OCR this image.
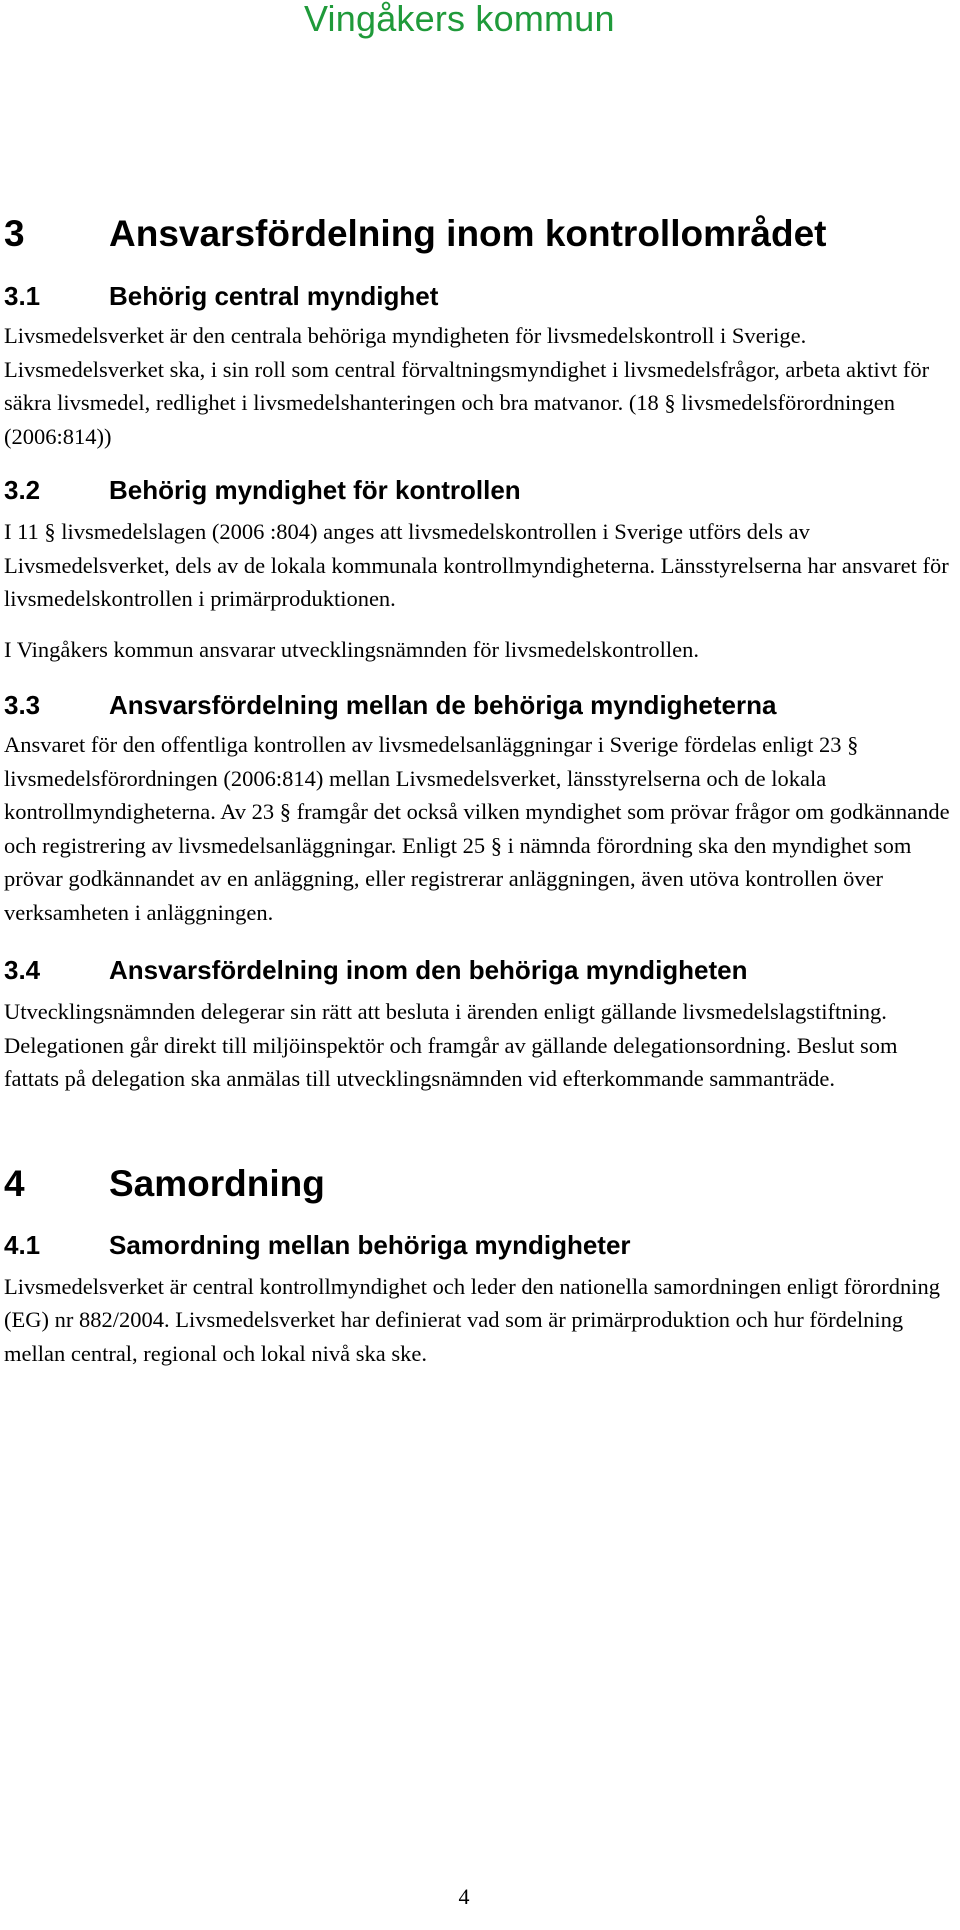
Vingåkers kommun
3	Ansvarsfördelning inom kontrollområdet
3.1	Behörig central myndighet

Livsmedelsverket är den centrala behöriga myndigheten för livsmedelskontroll i Sverige. Livsmedelsverket ska, i sin roll som central förvaltningsmyndighet i livsmedelsfrågor, arbeta aktivt för säkra livsmedel, redlighet i livsmedelshanteringen och bra matvanor. (18 § livsmedelsförordningen (2006:814))

3.2	Behörig myndighet för kontrollen

I 11 § livsmedelslagen (2006 :804) anges att livsmedelskontrollen i Sverige utförs dels av Livsmedelsverket, dels av de lokala kommunala kontrollmyndigheterna. Länsstyrelserna har ansvaret för livsmedelskontrollen i primärproduktionen.

I Vingåkers kommun ansvarar utvecklingsnämnden för livsmedelskontrollen.

3.3	Ansvarsfördelning mellan de behöriga myndigheterna

Ansvaret för den offentliga kontrollen av livsmedelsanläggningar i Sverige fördelas enligt 23 § livsmedelsförordningen (2006:814) mellan Livsmedelsverket, länsstyrelserna och de lokala kontrollmyndigheterna. Av 23 § framgår det också vilken myndighet som prövar frågor om godkännande och registrering av livsmedelsanläggningar. Enligt 25 § i nämnda förordning ska den myndighet som prövar godkännandet av en anläggning, eller registrerar anläggningen, även utöva kontrollen över verksamheten i anläggningen.

3.4	Ansvarsfördelning inom den behöriga myndigheten

Utvecklingsnämnden delegerar sin rätt att besluta i ärenden enligt gällande livsmedelslagstiftning. Delegationen går direkt till miljöinspektör och framgår av gällande delegationsordning. Beslut som fattats på delegation ska anmälas till utvecklingsnämnden vid efterkommande sammanträde.

4	Samordning
4.1	Samordning mellan behöriga myndigheter

Livsmedelsverket är central kontrollmyndighet och leder den nationella samordningen enligt förordning (EG) nr 882/2004. Livsmedelsverket har definierat vad som är primärproduktion och hur fördelning mellan central, regional och lokal nivå ska ske.

4
